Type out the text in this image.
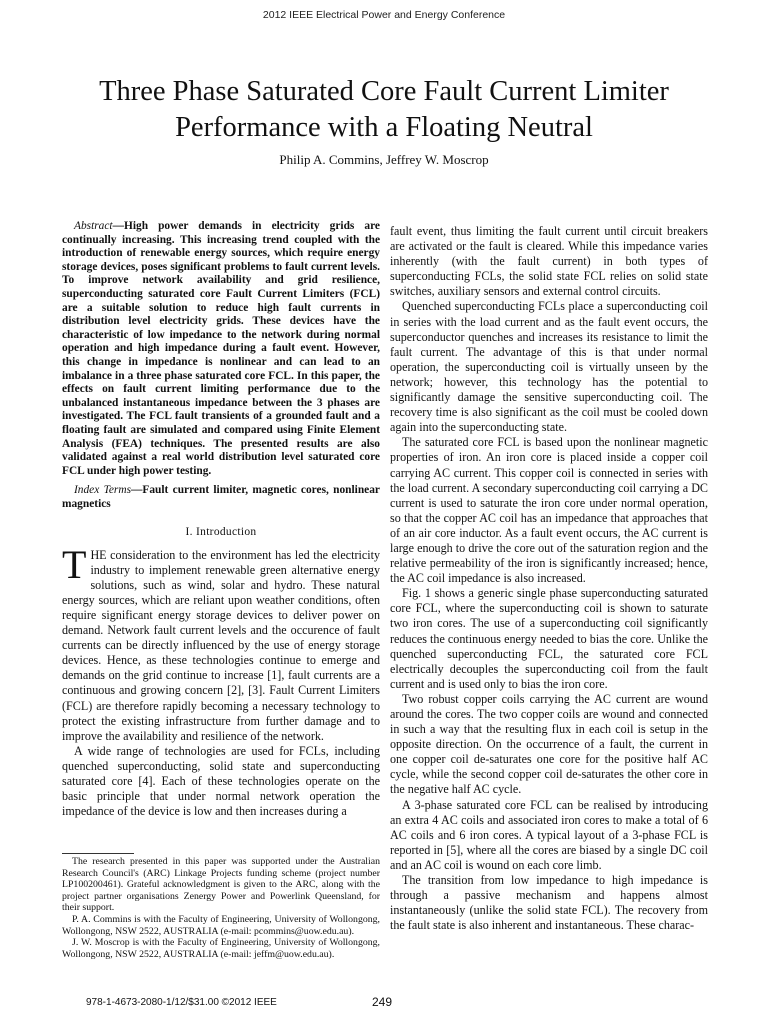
2012 IEEE Electrical Power and Energy Conference
Three Phase Saturated Core Fault Current Limiter
Performance with a Floating Neutral
Philip A. Commins, Jeffrey W. Moscrop

Abstract—High power demands in electricity grids are continually increasing. This increasing trend coupled with the introduction of renewable energy sources, which require energy storage devices, poses significant problems to fault current levels. To improve network availability and grid resilience, superconducting saturated core Fault Current Limiters (FCL) are a suitable solution to reduce high fault currents in distribution level electricity grids. These devices have the characteristic of low impedance to the network during normal operation and high impedance during a fault event. However, this change in impedance is nonlinear and can lead to an imbalance in a three phase saturated core FCL. In this paper, the effects on fault current limiting performance due to the unbalanced instantaneous impedance between the 3 phases are investigated. The FCL fault transients of a grounded fault and a floating fault are simulated and compared using Finite Element Analysis (FEA) techniques. The presented results are also validated against a real world distribution level saturated core FCL under high power testing.

Index Terms—Fault current limiter, magnetic cores, nonlinear magnetics

I. Introduction

THE consideration to the environment has led the electricity industry to implement renewable green alternative energy solutions, such as wind, solar and hydro. These natural energy sources, which are reliant upon weather conditions, often require significant energy storage devices to deliver power on demand. Network fault current levels and the occurence of fault currents can be directly influenced by the use of energy storage devices. Hence, as these technologies continue to emerge and demands on the grid continue to increase [1], fault currents are a continuous and growing concern [2], [3]. Fault Current Limiters (FCL) are therefore rapidly becoming a necessary technology to protect the existing infrastructure from further damage and to improve the availability and resilience of the network.

A wide range of technologies are used for FCLs, including quenched superconducting, solid state and superconducting saturated core [4]. Each of these technologies operate on the basic principle that under normal network operation the impedance of the device is low and then increases during a

The research presented in this paper was supported under the Australian Research Council's (ARC) Linkage Projects funding scheme (project number LP100200461). Grateful acknowledgment is given to the ARC, along with the project partner organisations Zenergy Power and Powerlink Queensland, for their support.

P. A. Commins is with the Faculty of Engineering, University of Wollongong, Wollongong, NSW 2522, AUSTRALIA (e-mail: pcommins@uow.edu.au).

J. W. Moscrop is with the Faculty of Engineering, University of Wollongong, Wollongong, NSW 2522, AUSTRALIA (e-mail: jeffm@uow.edu.au).

fault event, thus limiting the fault current until circuit breakers are activated or the fault is cleared. While this impedance varies inherently (with the fault current) in both types of superconducting FCLs, the solid state FCL relies on solid state switches, auxiliary sensors and external control circuits.

Quenched superconducting FCLs place a superconducting coil in series with the load current and as the fault event occurs, the superconductor quenches and increases its resistance to limit the fault current. The advantage of this is that under normal operation, the superconducting coil is virtually unseen by the network; however, this technology has the potential to significantly damage the sensitive superconducting coil. The recovery time is also significant as the coil must be cooled down again into the superconducting state.

The saturated core FCL is based upon the nonlinear magnetic properties of iron. An iron core is placed inside a copper coil carrying AC current. This copper coil is connected in series with the load current. A secondary superconducting coil carrying a DC current is used to saturate the iron core under normal operation, so that the copper AC coil has an impedance that approaches that of an air core inductor. As a fault event occurs, the AC current is large enough to drive the core out of the saturation region and the relative permeability of the iron is significantly increased; hence, the AC coil impedance is also increased.

Fig. 1 shows a generic single phase superconducting saturated core FCL, where the superconducting coil is shown to saturate two iron cores. The use of a superconducting coil significantly reduces the continuous energy needed to bias the core. Unlike the quenched superconducting FCL, the saturated core FCL electrically decouples the superconducting coil from the fault current and is used only to bias the iron core.

Two robust copper coils carrying the AC current are wound around the cores. The two copper coils are wound and connected in such a way that the resulting flux in each coil is setup in the opposite direction. On the occurrence of a fault, the current in one copper coil de-saturates one core for the positive half AC cycle, while the second copper coil de-saturates the other core in the negative half AC cycle.

A 3-phase saturated core FCL can be realised by introducing an extra 4 AC coils and associated iron cores to make a total of 6 AC coils and 6 iron cores. A typical layout of a 3-phase FCL is reported in [5], where all the cores are biased by a single DC coil and an AC coil is wound on each core limb.

The transition from low impedance to high impedance is through a passive mechanism and happens almost instantaneously (unlike the solid state FCL). The recovery from the fault state is also inherent and instantaneous. These charac-

978-1-4673-2080-1/12/$31.00 ©2012 IEEE	249
